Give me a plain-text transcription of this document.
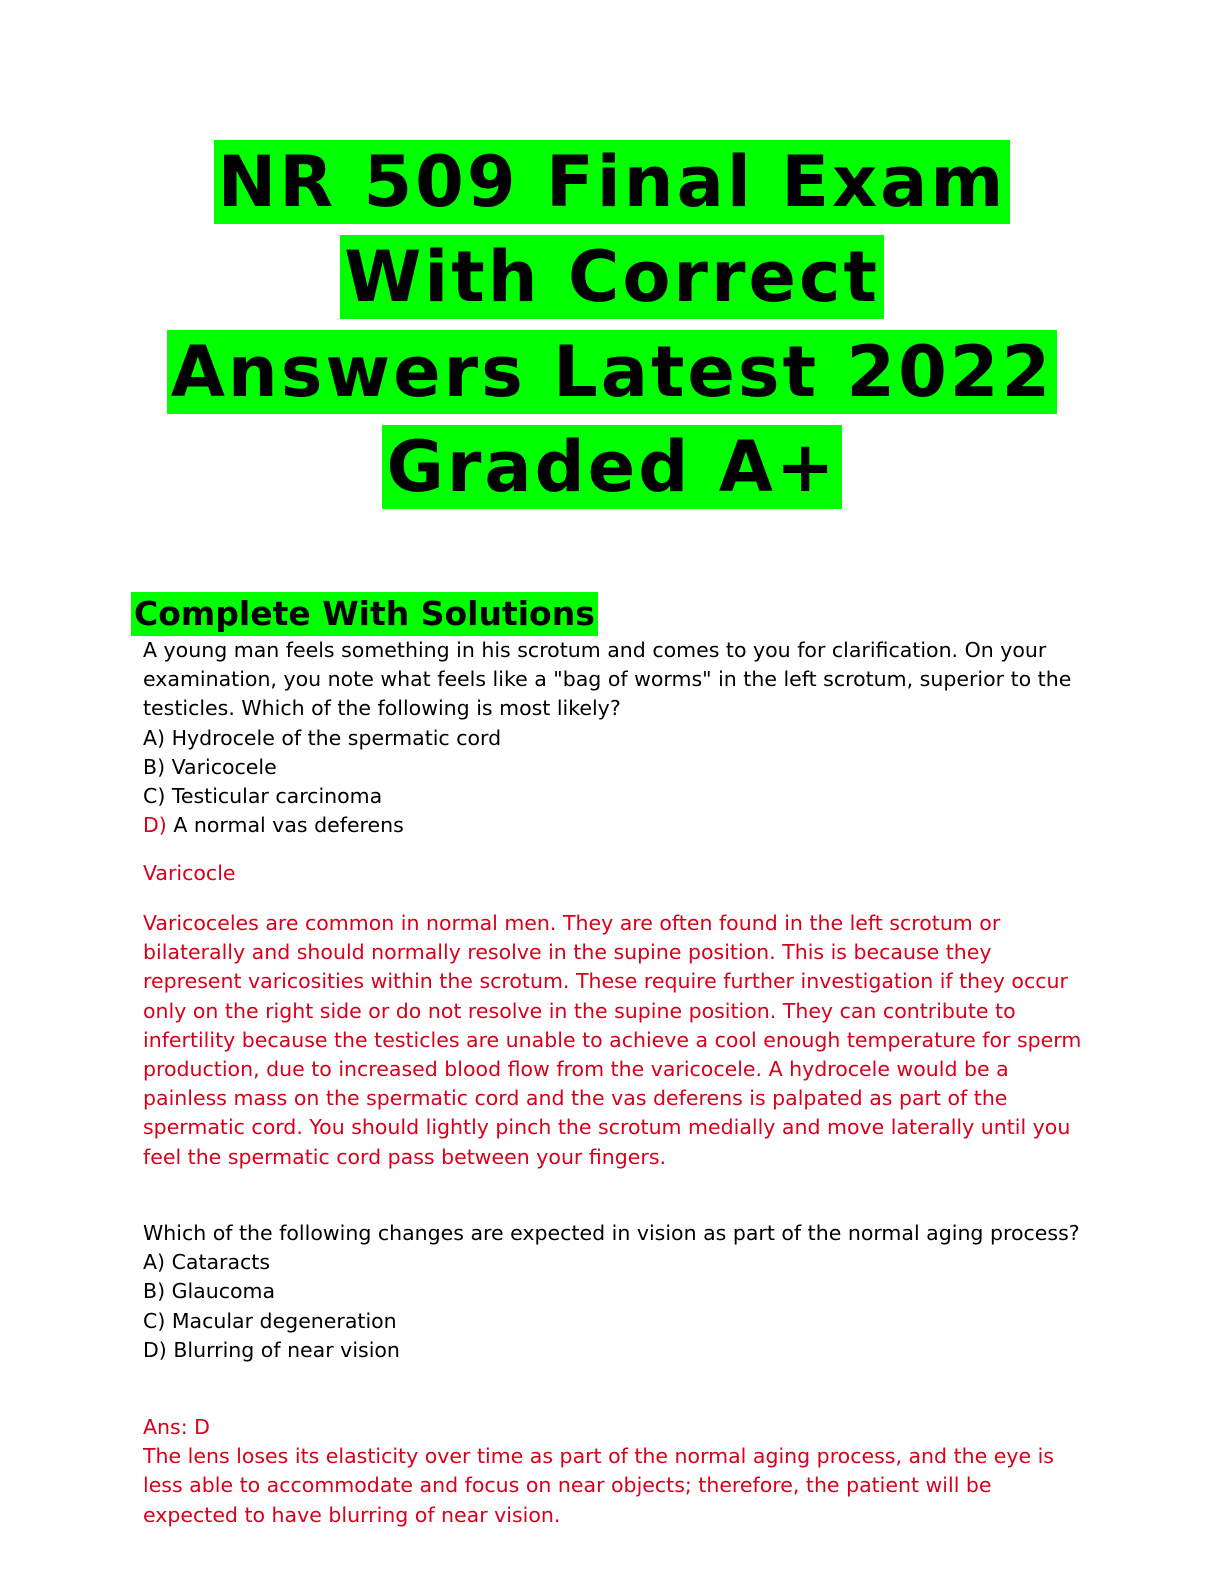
NR 509 Final Exam
With Correct
Answers Latest 2022
Graded A+
Complete With Solutions

A young man feels something in his scrotum and comes to you for clarification. On your examination, you note what feels like a "bag of worms" in the left scrotum, superior to the testicles. Which of the following is most likely?

A) Hydrocele of the spermatic cord

B) Varicocele

C) Testicular carcinoma

D) A normal vas deferens

Varicocle

Varicoceles are common in normal men. They are often found in the left scrotum or bilaterally and should normally resolve in the supine position. This is because they represent varicosities within the scrotum. These require further investigation if they occur only on the right side or do not resolve in the supine position. They can contribute to infertility because the testicles are unable to achieve a cool enough temperature for sperm production, due to increased blood flow from the varicocele. A hydrocele would be a painless mass on the spermatic cord and the vas deferens is palpated as part of the spermatic cord. You should lightly pinch the scrotum medially and move laterally until you feel the spermatic cord pass between your fingers.

Which of the following changes are expected in vision as part of the normal aging process?

A) Cataracts

B) Glaucoma

C) Macular degeneration

D) Blurring of near vision

Ans: D

The lens loses its elasticity over time as part of the normal aging process, and the eye is less able to accommodate and focus on near objects; therefore, the patient will be expected to have blurring of near vision.
